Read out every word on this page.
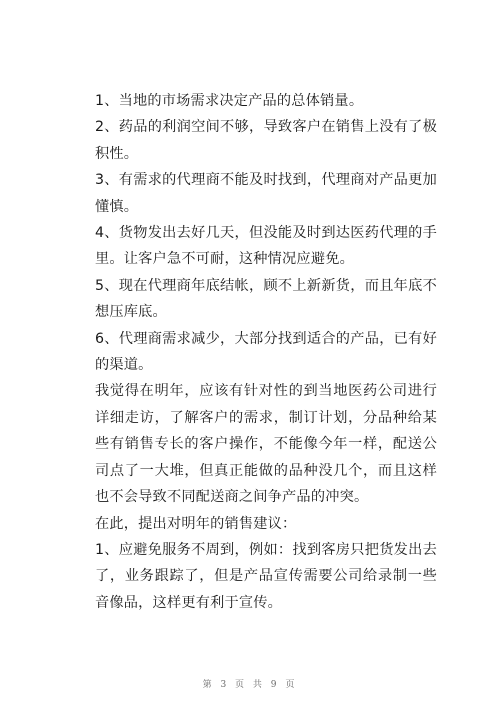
1、当地的市场需求决定产品的总体销量。

2、药品的利润空间不够，导致客户在销售上没有了极积性。

3、有需求的代理商不能及时找到，代理商对产品更加懂慎。

4、货物发出去好几天，但没能及时到达医药代理的手里。让客户急不可耐，这种情况应避免。

5、现在代理商年底结帐，顾不上新新货，而且年底不想压库底。

6、代理商需求减少，大部分找到适合的产品，已有好的渠道。

我觉得在明年，应该有针对性的到当地医药公司进行详细走访，了解客户的需求，制订计划，分品种给某些有销售专长的客户操作，不能像今年一样，配送公司点了一大堆，但真正能做的品种没几个，而且这样也不会导致不同配送商之间争产品的冲突。

在此，提出对明年的销售建议：

1、应避免服务不周到，例如：找到客房只把货发出去了，业务跟踪了，但是产品宣传需要公司给录制一些音像品，这样更有利于宣传。

第 3 页 共 9 页
